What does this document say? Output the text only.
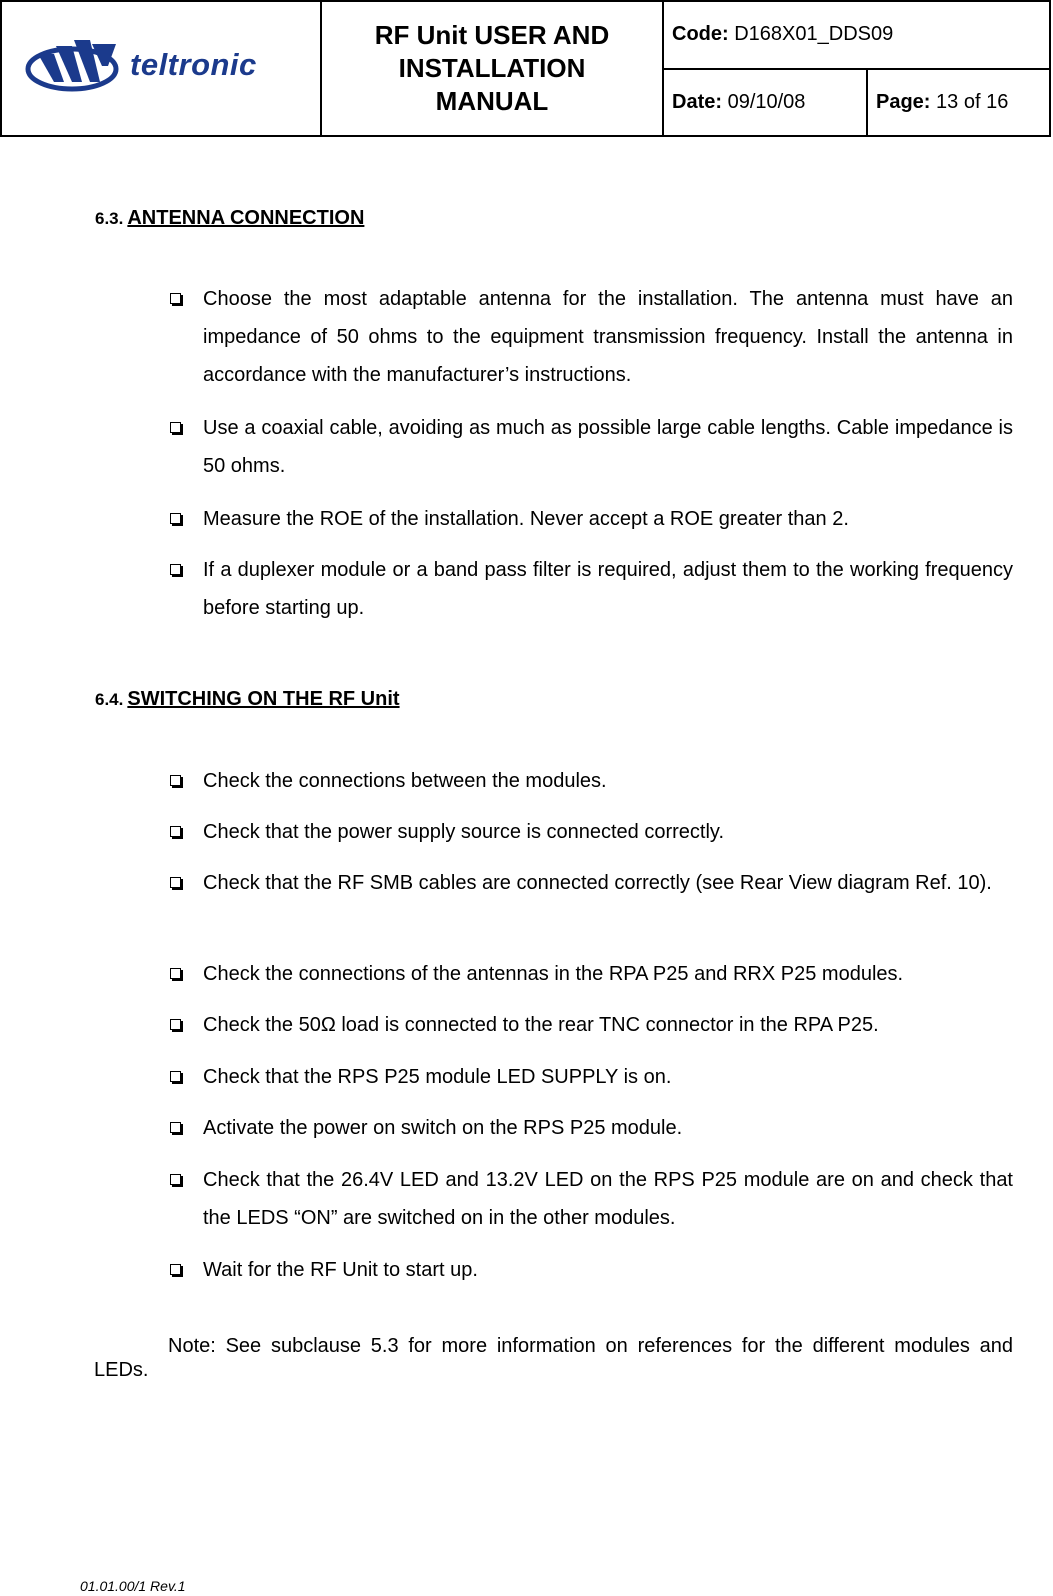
teltronic	RF Unit USER AND
INSTALLATION
MANUAL	Code: D168X01_DDS09	
		Date: 09/10/08	Page: 13 of 16
6.3. ANTENNA CONNECTION
Choose the most adaptable antenna for the installation. The antenna must have an impedance of 50 ohms to the equipment transmission frequency. Install the antenna in accordance with the manufacturer’s instructions.
Use a coaxial cable, avoiding as much as possible large cable lengths. Cable impedance is 50 ohms.
Measure the ROE of the installation. Never accept a ROE greater than 2.
If a duplexer module or a band pass filter is required, adjust them to the working frequency before starting up.
6.4. SWITCHING ON THE RF Unit
Check the connections between the modules.
Check that the power supply source is connected correctly.
Check that the RF SMB cables are connected correctly (see Rear View diagram Ref. 10).
Check the connections of the antennas in the RPA P25 and RRX P25 modules.
Check the 50Ω load is connected to the rear TNC connector in the RPA P25.
Check that the RPS P25 module LED SUPPLY is on.
Activate the power on switch on the RPS P25 module.
Check that the 26.4V LED and 13.2V LED on the RPS P25 module are on and check that the LEDS “ON” are switched on in the other modules.
Wait for the RF Unit to start up.
Note: See subclause 5.3 for more information on references for the different modules and LEDs.
01.01.00/1 Rev.1
